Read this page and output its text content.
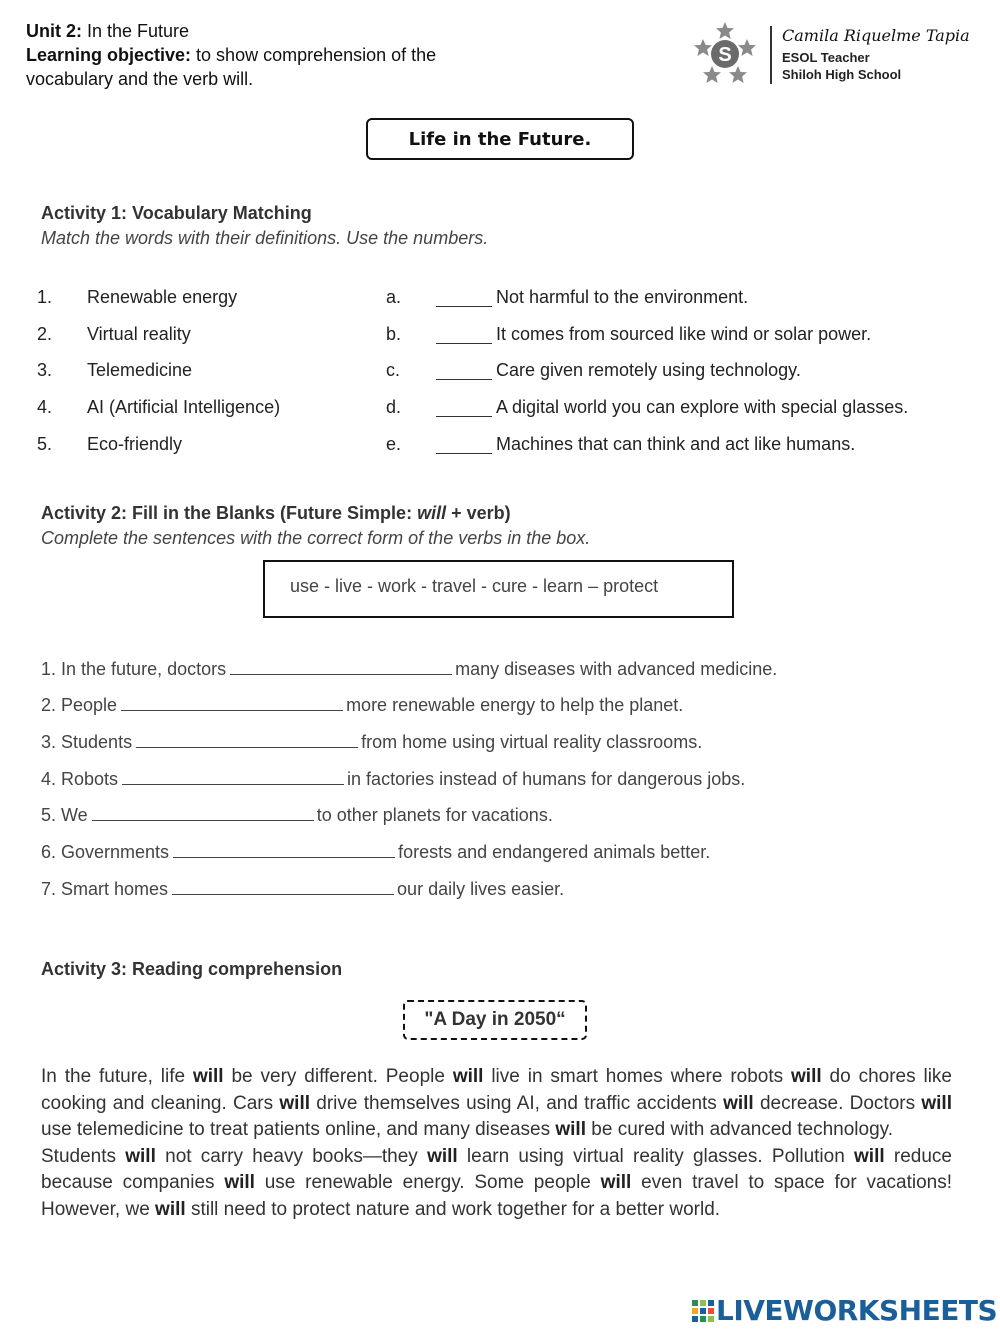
Unit 2: In the Future
Learning objective: to show comprehension of the
vocabulary and the verb will.
S
Camila Riquelme Tapia
ESOL Teacher
Shiloh High School
Life in the Future.
Activity 1: Vocabulary Matching
Match the words with their definitions. Use the numbers.
1. Renewable energy	a.	Not harmful to the environment.
2. Virtual reality	b.	It comes from sourced like wind or solar power.
3. Telemedicine	c.	Care given remotely using technology.
4. AI (Artificial Intelligence)	d.	A digital world you can explore with special glasses.
5. Eco-friendly	e.	Machines that can think and act like humans.
Activity 2: Fill in the Blanks (Future Simple: will + verb)
Complete the sentences with the correct form of the verbs in the box.
use - live - work - travel - cure - learn – protect
1. In the future, doctors	many diseases with advanced medicine.
2. People	more renewable energy to help the planet.
3. Students	from home using virtual reality classrooms.
4. Robots	in factories instead of humans for dangerous jobs.
5. We	to other planets for vacations.
6. Governments	forests and endangered animals better.
7. Smart homes	our daily lives easier.
Activity 3: Reading comprehension
"A Day in 2050“

In the future, life will be very different. People will live in smart homes where robots will do chores like cooking and cleaning. Cars will drive themselves using AI, and traffic accidents will decrease. Doctors will use telemedicine to treat patients online, and many diseases will be cured with advanced technology.

Students will not carry heavy books—they will learn using virtual reality glasses. Pollution will reduce because companies will use renewable energy. Some people will even travel to space for vacations! However, we will still need to protect nature and work together for a better world.

LIVEWORKSHEETS
